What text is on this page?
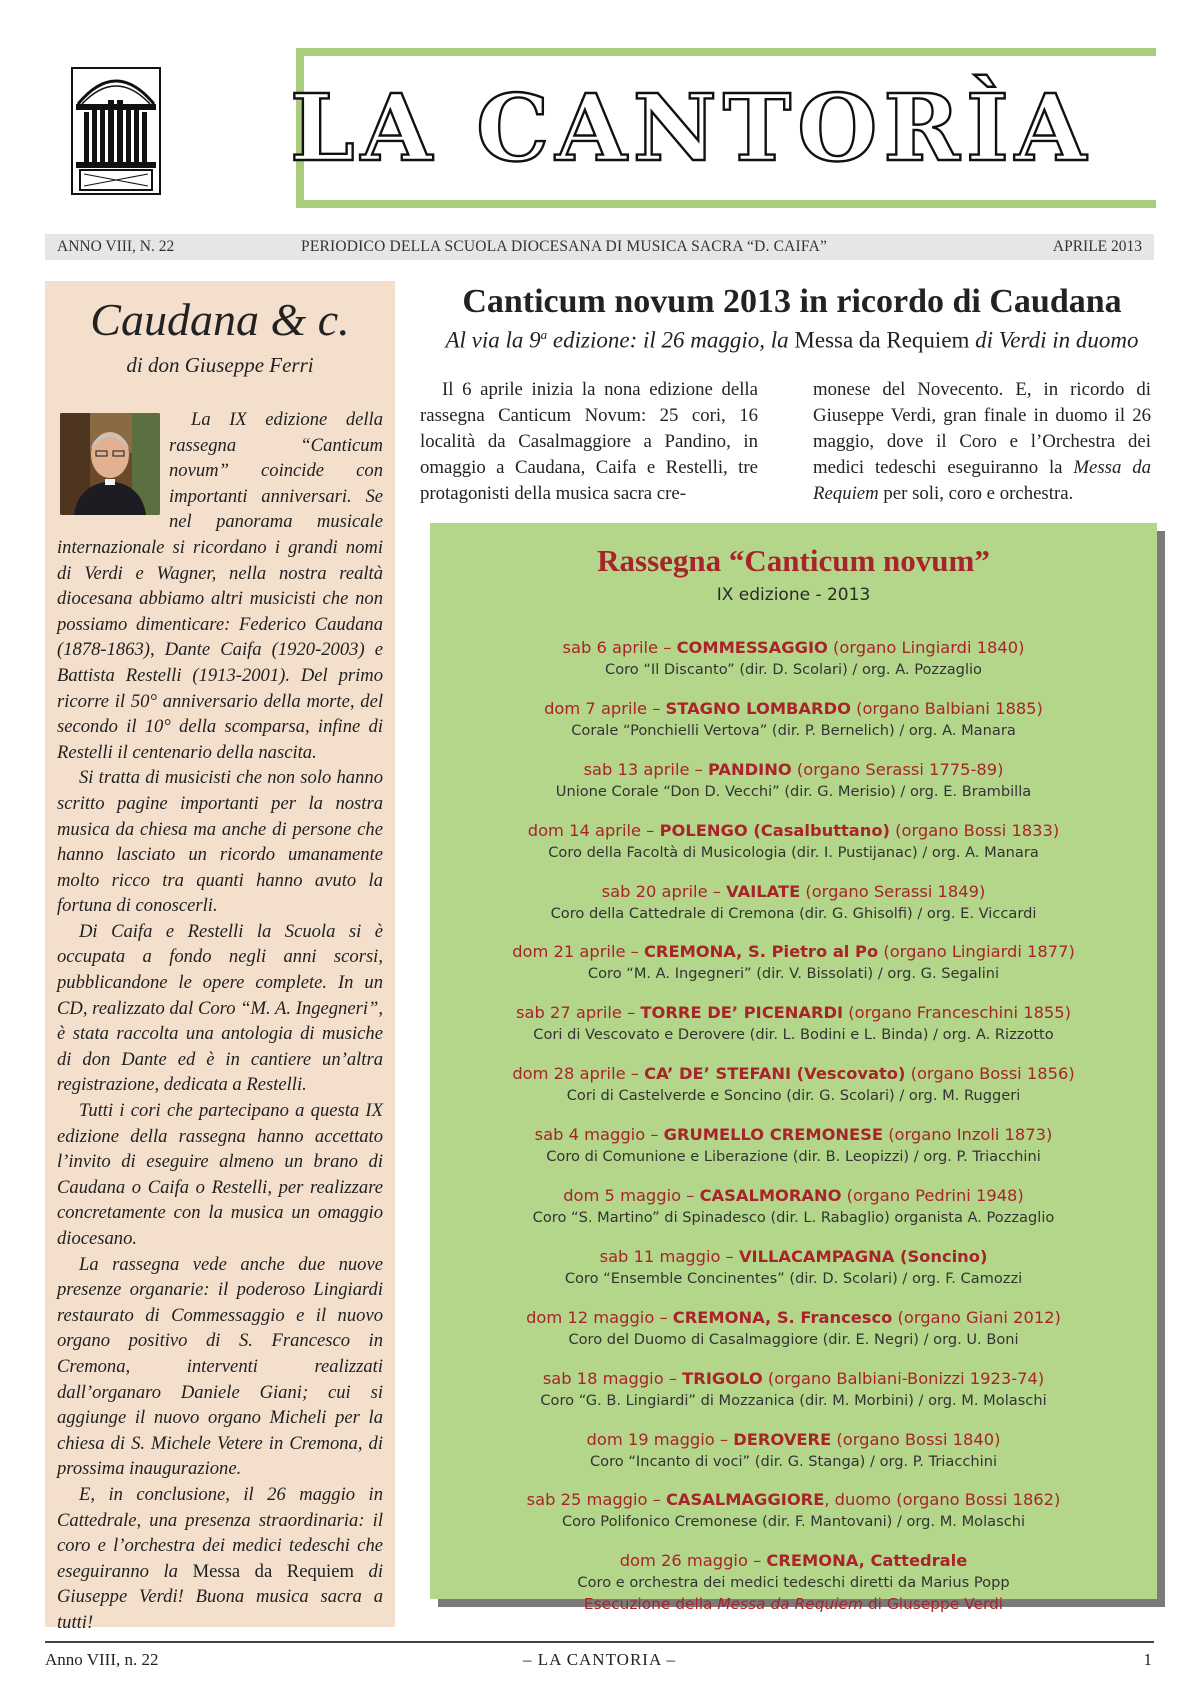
LA CANTORÌA
ANNO VIII, N. 22	PERIODICO DELLA SCUOLA DIOCESANA DI MUSICA SACRA “D. CAIFA”	APRILE 2013
Caudana & c.
di don Giuseppe Ferri

La IX edizione della rassegna “Canticum novum” coincide con importanti anniversari. Se nel panorama musicale internazionale si ricordano i grandi nomi di Verdi e Wagner, nella nostra realtà diocesana abbiamo altri musicisti che non possiamo dimenticare: Federico Caudana (1878-1863), Dante Caifa (1920-2003) e Battista Restelli (1913-2001). Del primo ricorre il 50° anniversario della morte, del secondo il 10° della scomparsa, infine di Restelli il centenario della nascita.

Si tratta di musicisti che non solo hanno scritto pagine importanti per la nostra musica da chiesa ma anche di persone che hanno lasciato un ricordo umanamente molto ricco tra quanti hanno avuto la fortuna di conoscerli.

Di Caifa e Restelli la Scuola si è occupata a fondo negli anni scorsi, pubblicandone le opere complete. In un CD, realizzato dal Coro “M. A. Ingegneri”, è stata raccolta una antologia di musiche di don Dante ed è in cantiere un’altra registrazione, dedicata a Restelli.

Tutti i cori che partecipano a questa IX edizione della rassegna hanno accettato l’invito di eseguire almeno un brano di Caudana o Caifa o Restelli, per realizzare concretamente con la musica un omaggio diocesano.

La rassegna vede anche due nuove presenze organarie: il poderoso Lingiardi restaurato di Commessaggio e il nuovo organo positivo di S. Francesco in Cremona, interventi realizzati dall’organaro Daniele Giani; cui si aggiunge il nuovo organo Micheli per la chiesa di S. Michele Vetere in Cremona, di prossima inaugurazione.

E, in conclusione, il 26 maggio in Cattedrale, una presenza straordinaria: il coro e l’orchestra dei medici tedeschi che eseguiranno la Messa da Requiem di Giuseppe Verdi! Buona musica sacra a tutti!

Canticum novum 2013 in ricordo di Caudana
Al via la 9$^a$ edizione: il 26 maggio, la Messa da Requiem di Verdi in duomo

Il 6 aprile inizia la nona edizione della rassegna Canticum Novum: 25 cori, 16 località da Casalmaggiore a Pandino, in omaggio a Caudana, Caifa e Restelli, tre protagonisti della musica sacra cre-

monese del Novecento. E, in ricordo di Giuseppe Verdi, gran finale in duomo il 26 maggio, dove il Coro e l’Orchestra dei medici tedeschi eseguiranno la Messa da Requiem per soli, coro e orchestra.

Rassegna “Canticum novum”
IX edizione - 2013
sab 6 aprile – COMMESSAGGIO (organo Lingiardi 1840)
Coro “Il Discanto” (dir. D. Scolari) / org. A. Pozzaglio
dom 7 aprile – STAGNO LOMBARDO (organo Balbiani 1885)
Corale “Ponchielli Vertova” (dir. P. Bernelich) / org. A. Manara
sab 13 aprile – PANDINO (organo Serassi 1775-89)
Unione Corale “Don D. Vecchi” (dir. G. Merisio) / org. E. Brambilla
dom 14 aprile – POLENGO (Casalbuttano) (organo Bossi 1833)
Coro della Facoltà di Musicologia (dir. I. Pustijanac) / org. A. Manara
sab 20 aprile – VAILATE (organo Serassi 1849)
Coro della Cattedrale di Cremona (dir. G. Ghisolfi) / org. E. Viccardi
dom 21 aprile – CREMONA, S. Pietro al Po (organo Lingiardi 1877)
Coro “M. A. Ingegneri” (dir. V. Bissolati) / org. G. Segalini
sab 27 aprile – TORRE DE’ PICENARDI (organo Franceschini 1855)
Cori di Vescovato e Derovere (dir. L. Bodini e L. Binda) / org. A. Rizzotto
dom 28 aprile – CA’ DE’ STEFANI (Vescovato) (organo Bossi 1856)
Cori di Castelverde e Soncino (dir. G. Scolari) / org. M. Ruggeri
sab 4 maggio – GRUMELLO CREMONESE (organo Inzoli 1873)
Coro di Comunione e Liberazione (dir. B. Leopizzi) / org. P. Triacchini
dom 5 maggio – CASALMORANO (organo Pedrini 1948)
Coro “S. Martino” di Spinadesco (dir. L. Rabaglio) organista A. Pozzaglio
sab 11 maggio – VILLACAMPAGNA (Soncino)
Coro “Ensemble Concinentes” (dir. D. Scolari) / org. F. Camozzi
dom 12 maggio – CREMONA, S. Francesco (organo Giani 2012)
Coro del Duomo di Casalmaggiore (dir. E. Negri) / org. U. Boni
sab 18 maggio – TRIGOLO (organo Balbiani-Bonizzi 1923-74)
Coro “G. B. Lingiardi” di Mozzanica (dir. M. Morbini) / org. M. Molaschi
dom 19 maggio – DEROVERE (organo Bossi 1840)
Coro “Incanto di voci” (dir. G. Stanga) / org. P. Triacchini
sab 25 maggio – CASALMAGGIORE, duomo (organo Bossi 1862)
Coro Polifonico Cremonese (dir. F. Mantovani) / org. M. Molaschi
dom 26 maggio – CREMONA, Cattedrale
Coro e orchestra dei medici tedeschi diretti da Marius Popp
Esecuzione della Messa da Requiem di Giuseppe Verdi
Anno VIII, n. 22	– LA CANTORIA –	1
